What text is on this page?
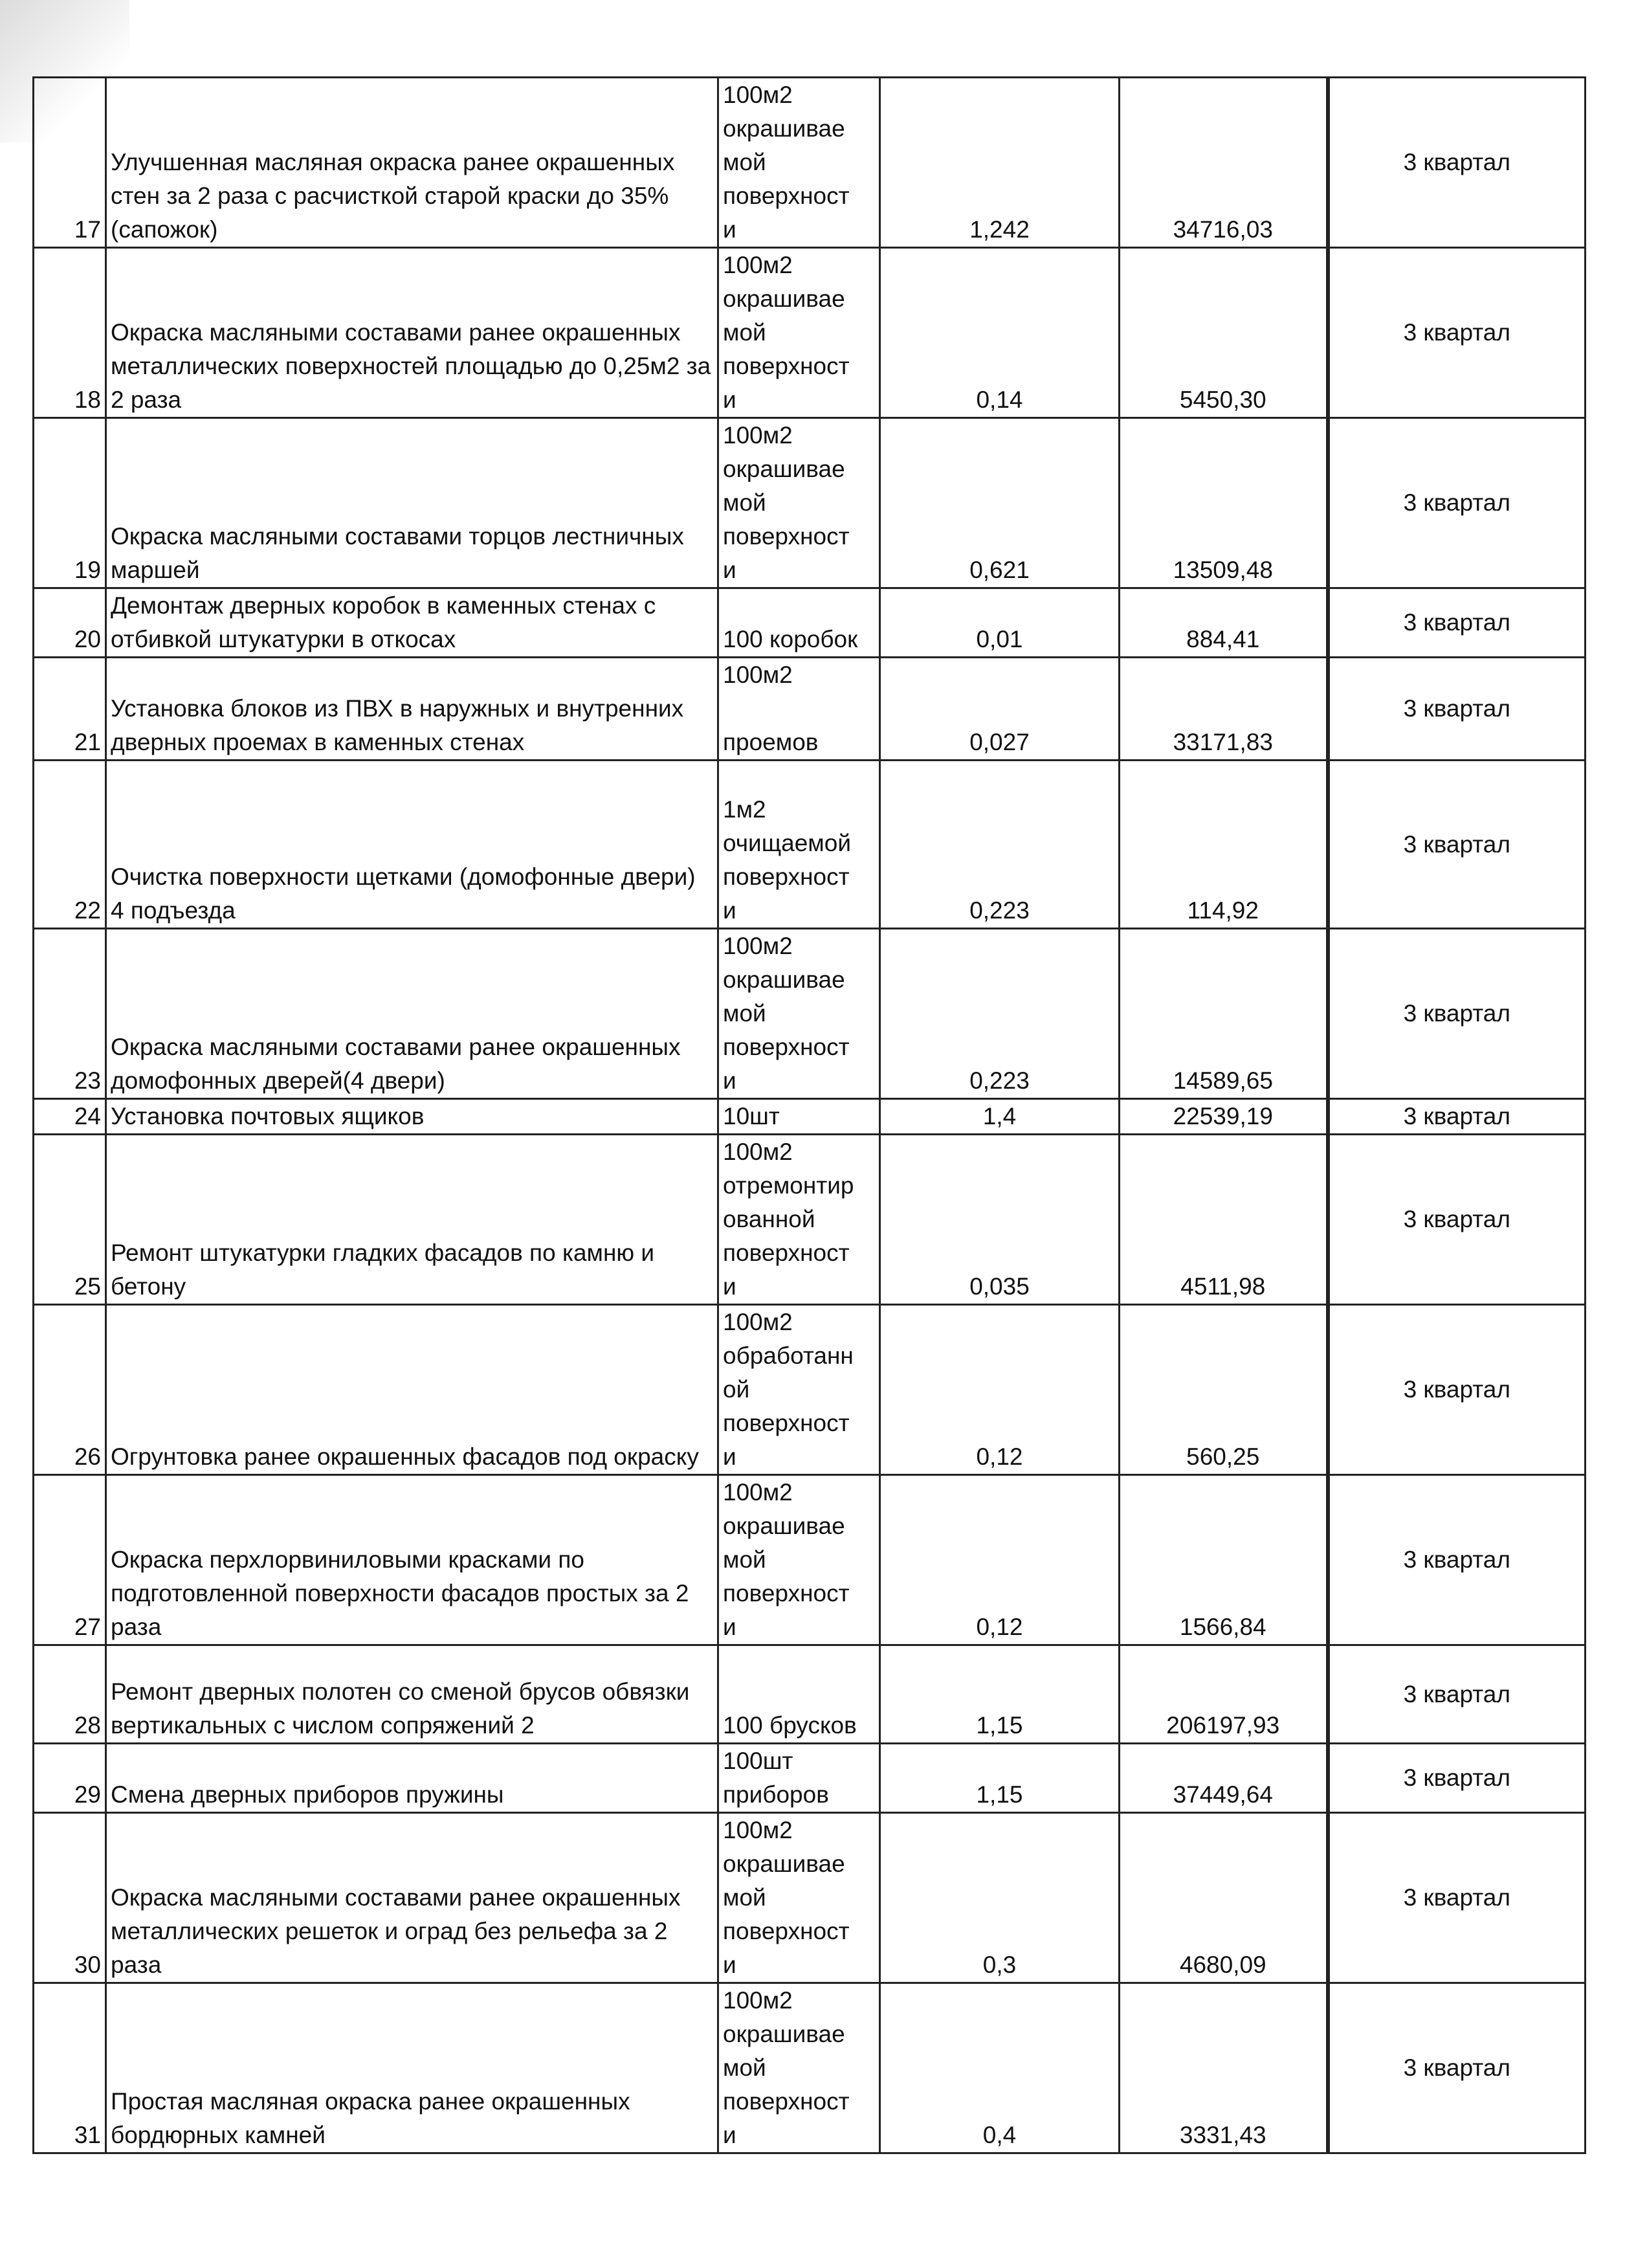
17	Улучшенная масляная окраска ранее окрашенных стен за 2 раза с расчисткой старой краски до 35%(сапожок)	100м2
окрашивае
мой
поверхност
и	1,242	34716,03	3 квартал
18	Окраска масляными составами ранее окрашенных металлических поверхностей площадью до 0,25м2 за 2 раза	100м2
окрашивае
мой
поверхност
и	0,14	5450,30	3 квартал
19	Окраска масляными составами торцов лестничных маршей	100м2
окрашивае
мой
поверхност
и	0,621	13509,48	3 квартал
20	Демонтаж дверных коробок в каменных стенах с отбивкой штукатурки в откосах	100 коробок	0,01	884,41	3 квартал
21	Установка блоков из ПВХ в наружных и внутренних дверных проемах в каменных стенах	100м2

проемов	0,027	33171,83	3 квартал
22	Очистка поверхности щетками (домофонные двери) 4 подъезда	1м2
очищаемой
поверхност
и	0,223	114,92	3 квартал
23	Окраска масляными составами ранее окрашенных домофонных дверей(4 двери)	100м2
окрашивае
мой
поверхност
и	0,223	14589,65	3 квартал
24	Установка почтовых ящиков	10шт	1,4	22539,19	3 квартал
25	Ремонт штукатурки гладких фасадов по камню и бетону	100м2
отремонтир
ованной
поверхност
и	0,035	4511,98	3 квартал
26	Огрунтовка ранее окрашенных фасадов под окраску	100м2
обработанн
ой
поверхност
и	0,12	560,25	3 квартал
27	Окраска перхлорвиниловыми красками по подготовленной поверхности фасадов простых за 2 раза	100м2
окрашивае
мой
поверхност
и	0,12	1566,84	3 квартал
28	Ремонт дверных полотен со сменой брусов обвязки вертикальных с числом сопряжений 2	100 брусков	1,15	206197,93	3 квартал
29	Смена дверных приборов пружины	100шт
приборов	1,15	37449,64	3 квартал
30	Окраска масляными составами ранее окрашенных металлических решеток и оград без рельефа за 2 раза	100м2
окрашивае
мой
поверхност
и	0,3	4680,09	3 квартал
31	Простая масляная окраска ранее окрашенных бордюрных камней	100м2
окрашивае
мой
поверхност
и	0,4	3331,43	3 квартал
